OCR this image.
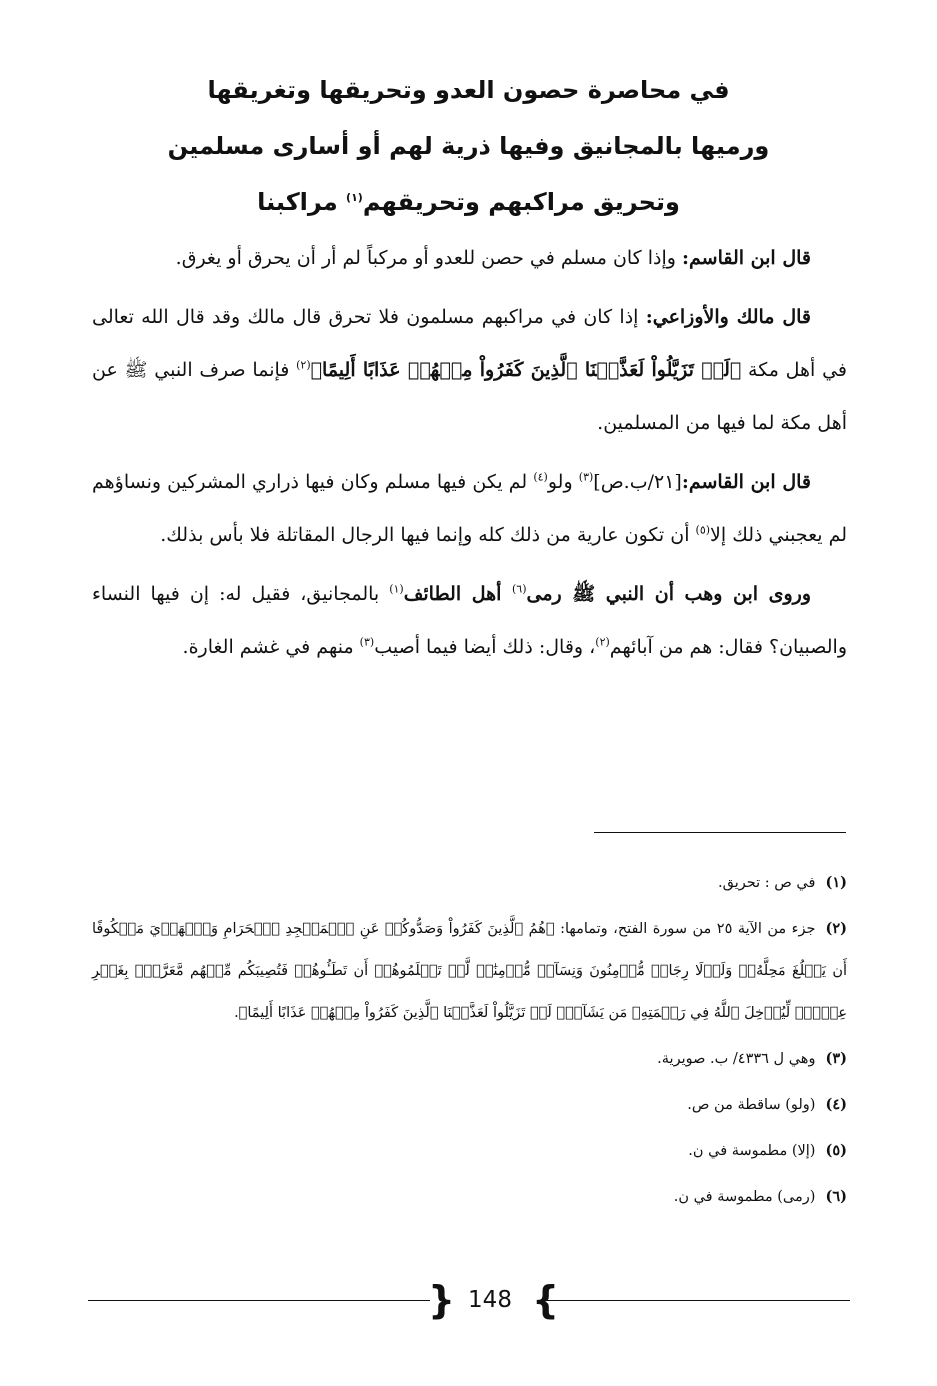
في محاصرة حصون العدو وتحريقها وتغريقها

ورميها بالمجانيق وفيها ذرية لهم أو أسارى مسلمين

وتحريق مراكبهم وتحريقهم$^{(١)}$ مراكبنا

قال ابن القاسم: وإذا كان مسلم في حصن للعدو أو مركباً لم أر أن يحرق أو يغرق.

قال مالك والأوزاعي: إذا كان في مراكبهم مسلمون فلا تحرق قال مالك وقد قال الله تعالى في أهل مكة ﴿لَوۡ تَزَيَّلُواْ لَعَذَّبۡنَا ٱلَّذِينَ كَفَرُواْ مِنۡهُمۡ عَذَابًا أَلِيمًا﴾$^{(٢)}$ فإنما صرف النبي ﷺ عن أهل مكة لما فيها من المسلمين.

قال ابن القاسم:[٢١/ب.ص]$^{(٣)}$ ولو$^{(٤)}$ لم يكن فيها مسلم وكان فيها ذراري المشركين ونساؤهم لم يعجبني ذلك إلا$^{(٥)}$ أن تكون عارية من ذلك كله وإنما فيها الرجال المقاتلة فلا بأس بذلك.

وروى ابن وهب أن النبي ﷺ رمى$^{(٦)}$ أهل الطائف$^{(١)}$ بالمجانيق، فقيل له: إن فيها النساء والصبيان؟ فقال: هم من آبائهم$^{(٢)}$، وقال: ذلك أيضا فيما أصيب$^{(٣)}$ منهم في غشم الغارة.

(١)في ص : تحريق.

(٢)جزء من الآية ٢٥ من سورة الفتح، وتمامها: ﴿هُمُ ٱلَّذِينَ كَفَرُواْ وَصَدُّوكُمۡ عَنِ ٱلۡمَسۡجِدِ ٱلۡحَرَامِ وَٱلۡهَدۡيَ مَعۡكُوفًا أَن يَبۡلُغَ مَحِلَّهُۥۚ وَلَوۡلَا رِجَالٞ مُّؤۡمِنُونَ وَنِسَآءٞ مُّؤۡمِنَٰتٞ لَّمۡ تَعۡلَمُوهُمۡ أَن تَطَـُٔوهُمۡ فَتُصِيبَكُم مِّنۡهُم مَّعَرَّةُۢ بِغَيۡرِ عِلۡمٖۖ لِّيُدۡخِلَ ٱللَّهُ فِي رَحۡمَتِهِۦ مَن يَشَآءُۚ لَوۡ تَزَيَّلُواْ لَعَذَّبۡنَا ٱلَّذِينَ كَفَرُواْ مِنۡهُمۡ عَذَابًا أَلِيمًا﴾.

(٣)وهي ل ٤٣٣٦/ ب. صويرية.

(٤)(ولو) ساقطة من ص.

(٥)(إلا) مطموسة في ن.

(٦)(رمى) مطموسة في ن.

{ 148 }
